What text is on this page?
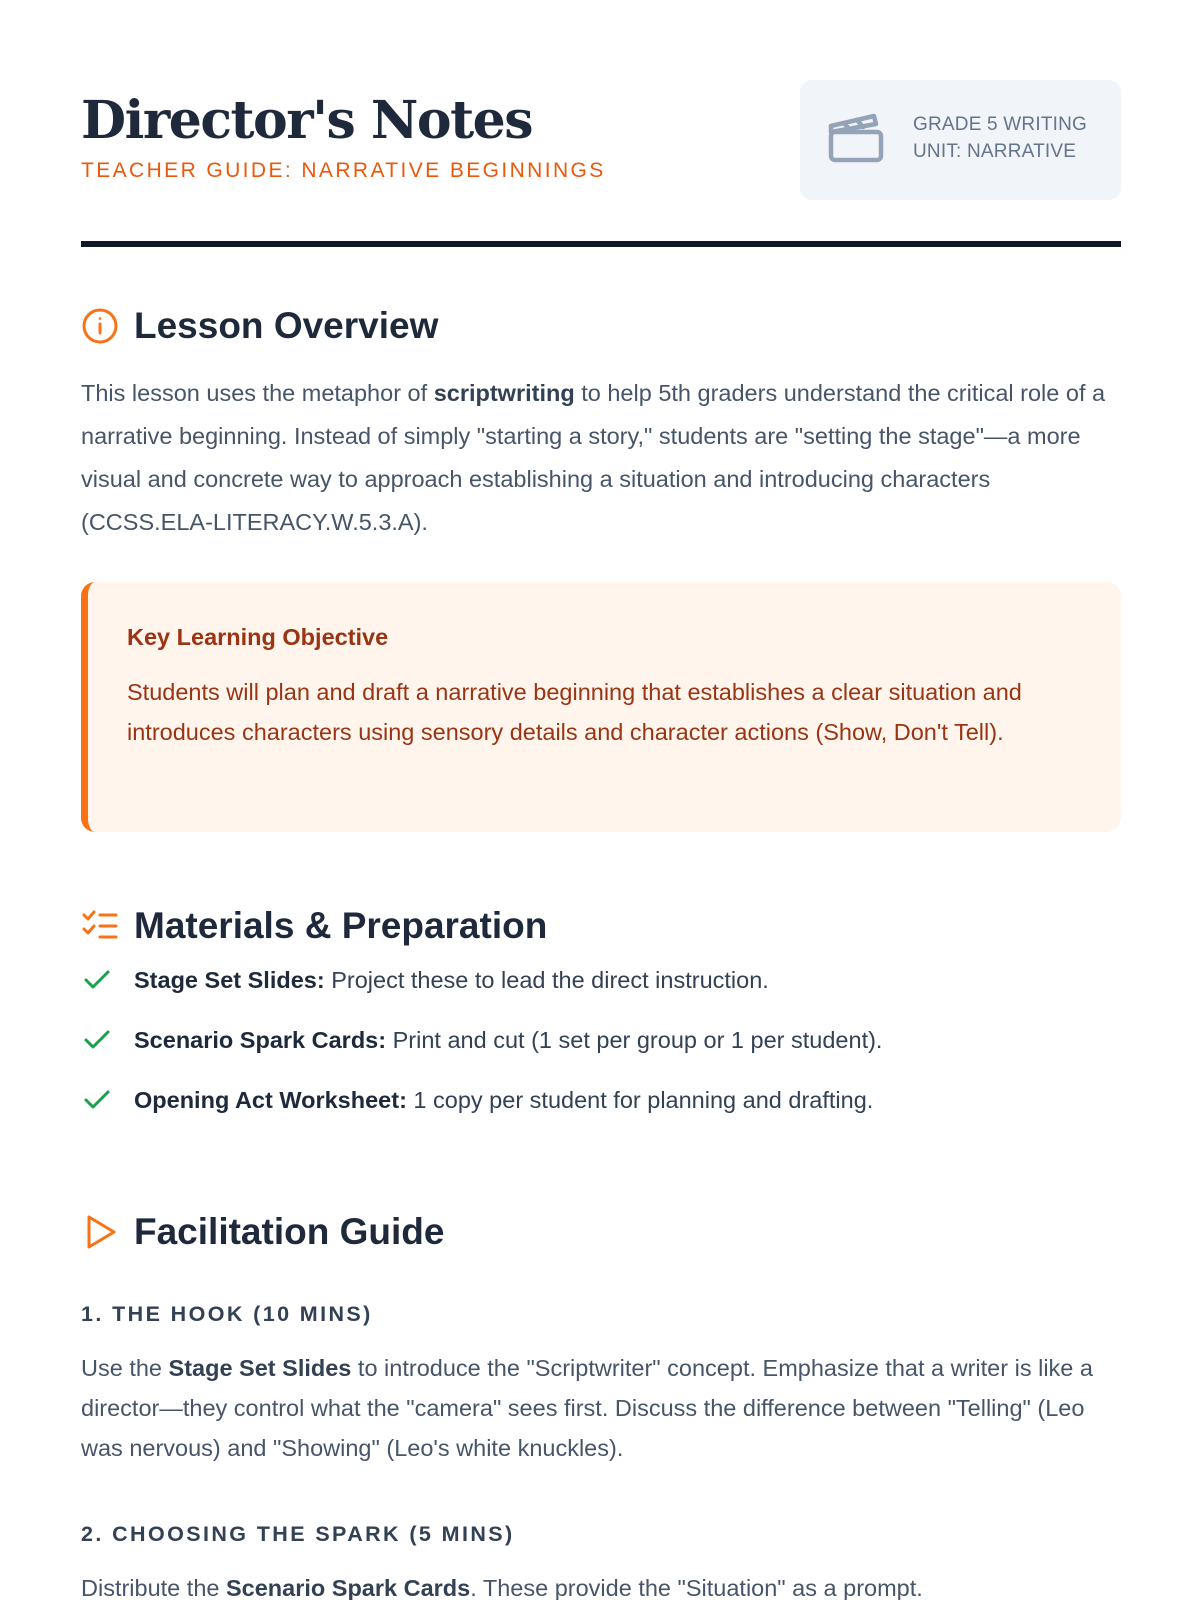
Director's Notes
TEACHER GUIDE: NARRATIVE BEGINNINGS
GRADE 5 WRITING
UNIT: NARRATIVE
Lesson Overview

This lesson uses the metaphor of scriptwriting to help 5th graders understand the critical role of a narrative beginning. Instead of simply "starting a story," students are "setting the stage"—a more visual and concrete way to approach establishing a situation and introducing characters (CCSS.ELA-LITERACY.W.5.3.A).

Key Learning Objective

Students will plan and draft a narrative beginning that establishes a clear situation and introduces characters using sensory details and character actions (Show, Don't Tell).

Materials & Preparation
Stage Set Slides: Project these to lead the direct instruction.
Scenario Spark Cards: Print and cut (1 set per group or 1 per student).
Opening Act Worksheet: 1 copy per student for planning and drafting.
Facilitation Guide
1. THE HOOK (10 MINS)

Use the Stage Set Slides to introduce the "Scriptwriter" concept. Emphasize that a writer is like a director—they control what the "camera" sees first. Discuss the difference between "Telling" (Leo was nervous) and "Showing" (Leo's white knuckles).

2. CHOOSING THE SPARK (5 MINS)

Distribute the Scenario Spark Cards. These provide the "Situation" as a prompt.
